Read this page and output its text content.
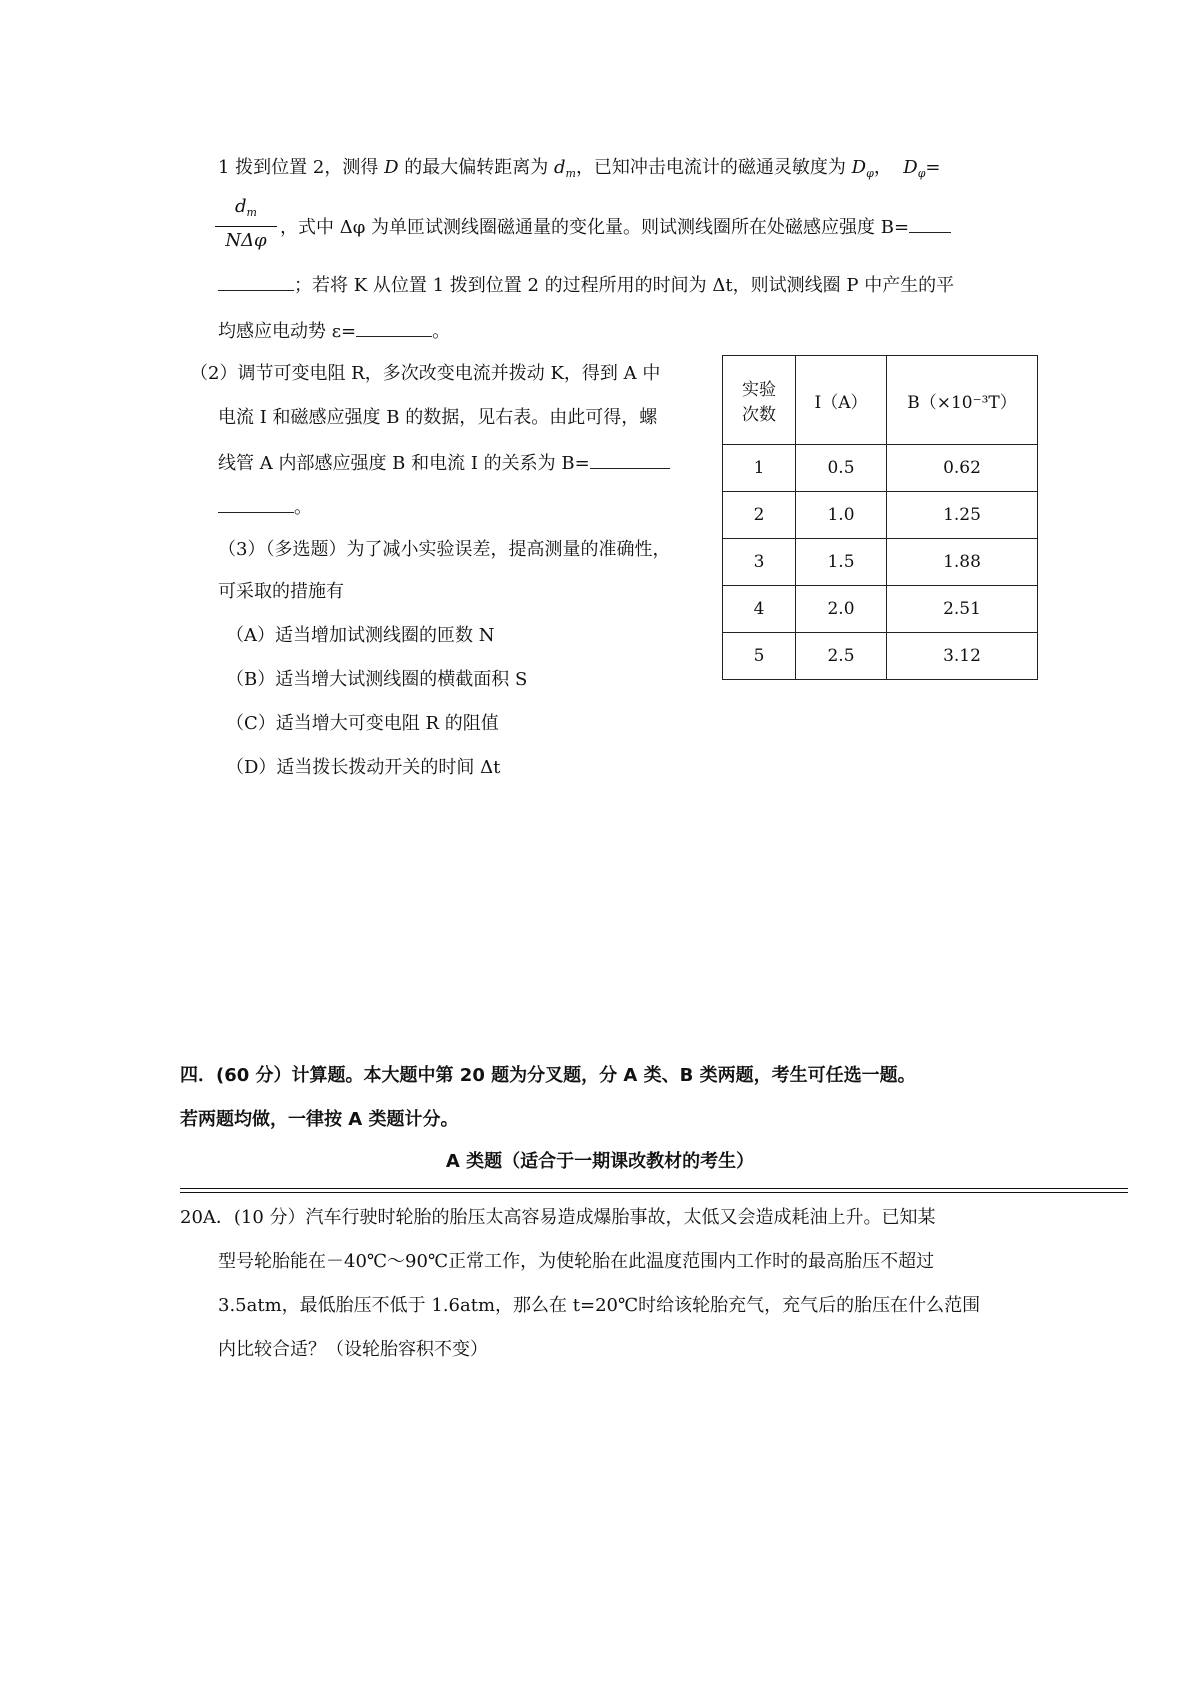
1 拨到位置 2，测得 D 的最大偏转距离为 $d_m$，已知冲击电流计的磁通灵敏度为 $D_\varphi$， $D_\varphi=$
$d_m$
NΔφ
，式中 Δφ 为单匝试测线圈磁通量的变化量。则试测线圈所在处磁感应强度 B=
；若将 K 从位置 1 拨到位置 2 的过程所用的时间为 Δt，则试测线圈 P 中产生的平
均感应电动势 ε=	。
（2）调节可变电阻 R，多次改变电流并拨动 K，得到 A 中
电流 I 和磁感应强度 B 的数据，见右表。由此可得，螺
线管 A 内部感应强度 B 和电流 I 的关系为 B=
。
（3）（多选题）为了减小实验误差，提高测量的准确性，
可采取的措施有
（A）适当增加试测线圈的匝数 N
（B）适当增大试测线圈的横截面积 S
（C）适当增大可变电阻 R 的阻值
（D）适当拨长拨动开关的时间 Δt
实验
次数	I（A）	B（×10⁻³T）
1	0.5	0.62
2	1.0	1.25
3	1.5	1.88
4	2.0	2.51
5	2.5	3.12
四．(60 分）计算题。本大题中第 20 题为分叉题，分 A 类、B 类两题，考生可任选一题。
若两题均做，一律按 A 类题计分。
A 类题（适合于一期课改教材的考生）
20A．(10 分）汽车行驶时轮胎的胎压太高容易造成爆胎事故，太低又会造成耗油上升。已知某
型号轮胎能在－40℃～90℃正常工作，为使轮胎在此温度范围内工作时的最高胎压不超过
3.5atm，最低胎压不低于 1.6atm，那么在 t=20℃时给该轮胎充气，充气后的胎压在什么范围
内比较合适？（设轮胎容积不变）
